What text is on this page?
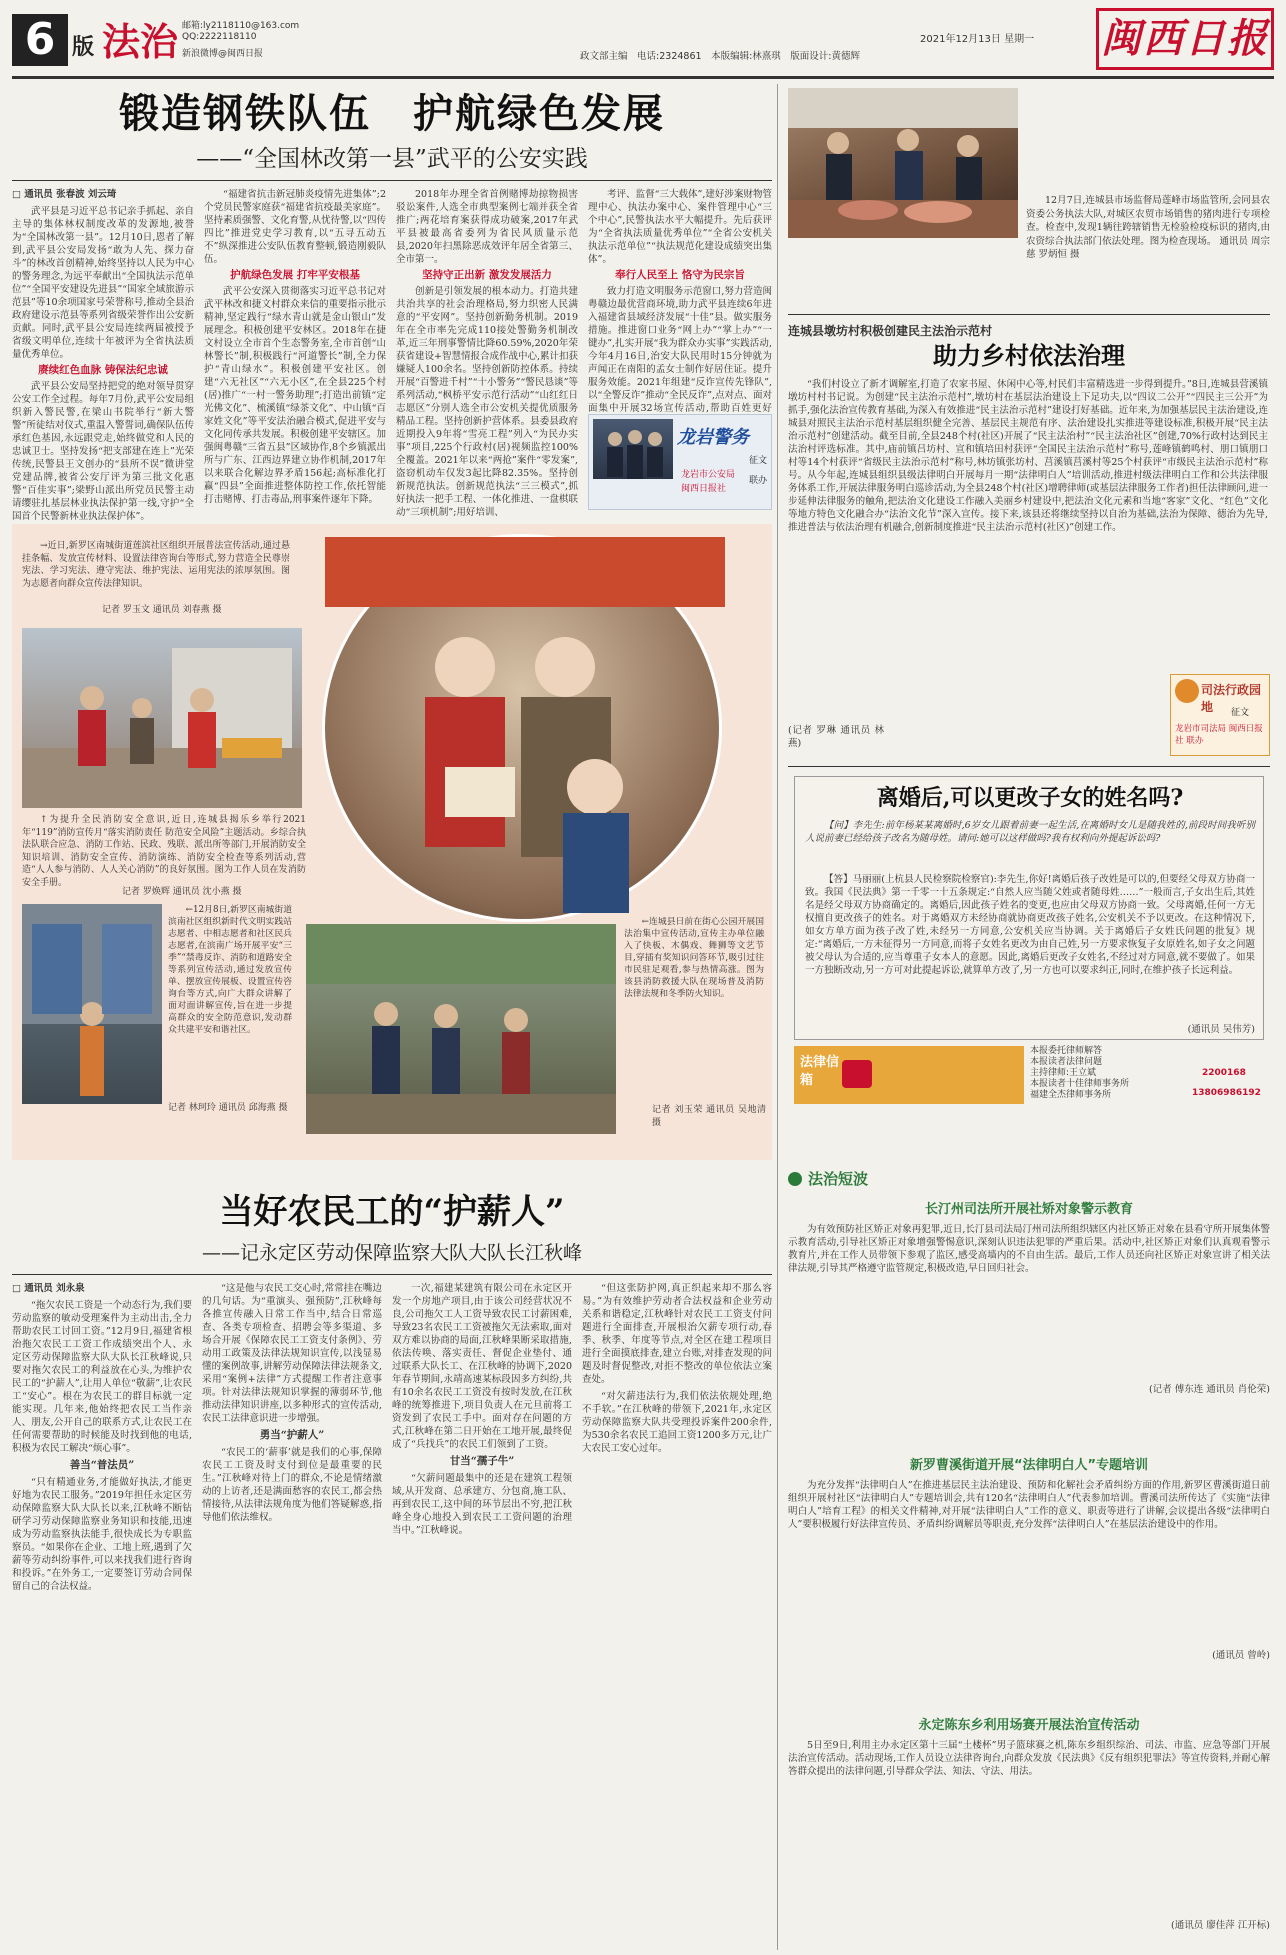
6 版 法治 邮箱:ly2118110@163.com
QQ:2222118110
新浪微博@闽西日报
2021年12月13日 星期一
政文部主编　 电话:2324861　 本版编辑:林熹琪　 版面设计:黄德辉	闽西日报
锻造钢铁队伍　护航绿色发展
——“全国林改第一县”武平的公安实践
□ 通讯员 张春波 刘云琦
武平县是习近平总书记亲手抓起、亲自主导的集体林权制度改革的发源地,被誉为“全国林改第一县”。12月10日,恩者了解到,武平县公安局发扬“敢为人先、探力奋斗”的林改首创精神,始终坚持以人民为中心的警务理念,为远平奉献出“全国执法示范单位”“全国平安建设先进县”“国家全域旅游示范县”等10余项国家号荣誉称号,推动全县治政府建设示范县等系列省级荣誉作出公安新贡献。同时,武平县公安局连续两届被授予省级文明单位,连续十年被评为全省执法质量优秀单位。
赓续红色血脉 铸保法纪忠诚
武平县公安局坚持把党的绝对领导贯穿公安工作全过程。每年7月份,武平公安局组织新入警民警,在梁山书院举行“新大警警”所徒结对仪式,重温入警誓词,确保队伍传承红色基因,永远跟党走,始终做党和人民的忠诚卫士。坚持发扬“把支部建在连上”光荣传统,民警县王文创办的“县所不误”微讲堂党建品牌,被省公安厅评为第三批文化惠警“百佳实事”;梁野山派出所党员民警主动请缨驻扎基层林业执法保护第一线,守护“全国首个民警新林业执法保护体”。
“福建省抗击新冠肺炎疫情先进集体”;2个党员民警家庭获“福建省抗疫最美家庭”。坚持素质强警、文化育警,从忧待警,以“四传四比”推进党史学习教育,以“五寻五动五不”纵深推进公安队伍教育整顿,锻造刚毅队伍。
护航绿色发展 打牢平安根基
武平公安深入贯彻落实习近平总书记对武平林改和捷文村群众来信的重要指示批示精神,坚定践行“绿水青山就是金山银山”发展理念。积极创建平安林区。2018年在捷文村设立全市首个生态警务室,全市首创“山林警长”制,积极践行“河道警长”制,全力保护“青山绿水”。积极创建平安社区。创建“六无社区”“六无小区”,在全县225个村(居)推广“一村一警务助理”;打造出前镇“定光佛文化”、梳溪镇“绿茶文化”、中山镇“百家姓文化”等平安法治融合模式,促进平安与文化同传承共发展。积极创建平安辖区。加强闽粤赣“三省五县”区域协作,8个乡镇派出所与广东、江西边界建立协作机制,2017年以来联合化解边界矛盾156起;高标准化打赢“四县”全面推进整体防控工作,依托智能打击赌博、打击毒品,刑事案件逐年下降。
2018年办理全省首例赌博劫掠物损害驳讼案件,人选全市典型案例七端并获全省推广;两花培育案获得成功破案,2017年武平县被最高省委列为省民风质量示范县,2020年扫黑除恶成效评年居全省第三、全市第一。
坚持守正出新 激发发展活力
创新是引领发展的根本动力。打造共建共治共享的社会治理格局,努力织密人民满意的“平安网”。坚持创新勤务机制。2019年在全市率先完成110接处警勤务机制改革,近三年刑事警情比降60.59%,2020年荣获省建设+智慧情报合成作战中心,累计扣获嫌疑人100余名。坚持创新防控体系。持续开展“百警进千村”“十小警务”“警民恳谈”等系列活动,“枫桥平安示范行活动”“山红红日志愿区”分别人选全市公安机关提优质服务精品工程。坚持创新护营体系。县委县政府近期投入9年将“雪亮工程”列入“为民办实事”项目,225个行政村(居)视频监控100%全覆盖。2021年以来“两抢”案件“零发案”,盗窃机动车仅发3起比降82.35%。坚持创新规范执法。创新规范执法“三三模式”,抓好执法一把手工程、一体化推进、一盘棋联动“三项机制”;用好培训、
考评、监督“三大载体”,建好涉案财物管理中心、执法办案中心、案件管理中心“三个中心”,民警执法水平大幅提升。先后获评为“全省执法质量优秀单位”“全省公安机关执法示范单位”“执法规范化建设成绩突出集体”。
奉行人民至上 恪守为民宗旨
致力打造文明服务示范窗口,努力营造闽粤赣边最优营商环境,助力武平县连续6年进入福建省县域经济发展“十佳”县。做实服务措施。推进窗口业务“网上办”“掌上办”“一键办”,扎实开展“我为群众办实事”实践活动,今年4月16日,治安大队民用时15分钟就为声闻正在南阳的孟女士制作好居住证。提升服务效能。2021年组建“反诈宣传先锋队”,以“全警反诈”推动“全民反诈”,点对点、面对面集中开展32场宣传活动,帮助百姓更好
龙岩警务
征文
龙岩市公安局
闽西日报社
联办
12月7日,连城县市场监督局莲峰市场监管所,会同县农资委公务执法大队,对城区农贸市场销售的猪肉进行专项检查。检查中,发现1辆往跨辖销售无检验检疫标识的猪肉,由农资综合执法部门依法处理。图为检查现场。 通讯员 周宗慈 罗炳恒 摄
连城县墩坊村积极创建民主法治示范村
助力乡村依法治理
“我们村设立了新才调解室,打造了农家书屋、休闲中心等,村民们丰富精选进一步得到提升。”8日,连城县营溪镇墩坊村村书记说。为创建“民主法治示范村”,墩坊村在基层法治建设上下足功夫,以“四议二公开”“四民主三公开”为抓手,强化法治宣传教育基础,为深入有效推进“民主法治示范村”建设打好基础。近年来,为加强基层民主法治建设,连城县对照民主法治示范村基层组织健全完善、基层民主规范有序、法治建设扎实推进等建设标准,积极开展“民主法治示范村”创建活动。截至目前,全县248个村(社区)开展了“民主法治村”“民主法治社区”创建,70%行政村达到民主法治村评选标准。其中,庙前镇吕坊村、宣和镇培田村获评“全国民主法治示范村”称号,莲峰镇鹤鸣村、朋口镇朋口村等14个村获评“省级民主法治示范村”称号,林坊镇张坊村、莒溪镇莒溪村等25个村获评“市级民主法治示范村”称号。从今年起,连城县组织县级法律明白开展每月一期“法律明白人”培训活动,推进村级法律明白工作和公共法律服务体系工作,开展法律服务明白巡诊活动,为全县248个村(社区)增聘律师(或基层法律服务工作者)担任法律顾问,进一步延伸法律服务的触角,把法治文化建设工作融入美丽乡村建设中,把法治文化元素和当地“客家”文化、“红色”文化等地方特色文化融合办“法治文化节”深入宣传。接下来,该县还将继续坚持以自治为基础,法治为保障、德治为先导,推进普法与依法治理有机融合,创新制度推进“民主法治示范村(社区)”创建工作。
(记者 罗琳 通讯员 林燕)
司法行政园地	征文
龙岩市司法局 闽西日报社 联办
离婚后,可以更改子女的姓名吗?
【问】李先生:前年杨某某离婚时,6岁女儿跟着前妻一起生活,在离婚时女儿是随我姓的,前段时间我听别人说前妻已经给孩子改名为随母姓。请问:她可以这样做吗?我有权利向外提起诉讼吗?
【答】马丽丽(上杭县人民检察院检察官):李先生,你好!离婚后孩子改姓是可以的,但要经父母双方协商一致。我国《民法典》第一千零一十五条规定:“自然人应当随父姓或者随母姓……”一般而言,子女出生后,其姓名是经父母双方协商确定的。离婚后,因此孩子姓名的变更,也应由父母双方协商一致。父母离婚,任何一方无权擅自更改孩子的姓名。对于离婚双方未经协商就协商更改孩子姓名,公安机关不予以更改。在这种情况下,如女方单方面为孩子改了姓,未经另一方同意,公安机关应当协调。关于离婚后子女姓氏问题的批复》规定:“离婚后,一方未征得另一方同意,而将子女姓名更改为由自己姓,另一方要求恢复子女原姓名,如子女之问题被父母认为合适的,应当尊重子女本人的意愿。因此,离婚后更改子女姓名,不经过对方同意,就不要做了。如果一方独断改动,另一方可对此提起诉讼,就算单方改了,另一方也可以要求纠正,同时,在维护孩子长远利益。
(通讯员 吴伟芳)
法律信箱
本报委托律师解答
本报读者法律问题
主持律师:王立斌
本报读者十佳律师事务所
福建全杰律师事务所
2200168
13806986192
→近日,新罗区南城街道莲滨社区组织开展普法宣传活动,通过悬挂条幅、发放宣传材料、设置法律咨询台等形式,努力营造全民尊崇宪法、学习宪法、遵守宪法、维护宪法、运用宪法的浓厚氛围。图为志愿者向群众宣传法律知识。
记者 罗玉文 通讯员 刘春燕 摄
↑为提升全民消防安全意识,近日,连城县揭乐乡举行2021年“119”消防宣传月“落实消防责任 防范安全风险”主题活动。乡综合执法队联合应急、消防工作站、民政、残联、派出所等部门,开展消防安全知识培训、消防安全宣传、消防演练、消防安全检查等系列活动,营造“人人参与消防、人人关心消防”的良好氛围。图为工作人员在发消防安全手册。
记者 罗焕辉 通讯员 沈小燕 摄
←12月8日,新罗区南城街道滨南社区组织新时代文明实践站志愿者、中相志愿者和社区民兵志愿者,在滨南广场开展平安“三季”“禁毒反诈、消防和道路安全等系列宣传活动,通过发放宣传单、摆放宣传展板、设置宣传咨询台等方式,向广大群众讲解了面对面讲解宣传,旨在进一步提高群众的安全防范意识,发动群众共建平安和谐社区。
记者 林珂玲 通讯员 邱海燕 摄
←连城县日前在街心公园开展国法治集中宣传活动,宣传主办单位融入了快板、木偶戏、舞狮等文艺节目,穿插有奖知识问答环节,吸引过往市民驻足观看,参与热情高涨。图为该县消防救援大队在现场普及消防法律法规和冬季防火知识。
记者 刘玉荣 通讯员 吴地清 摄
法治短波
长汀州司法所开展社矫对象警示教育
为有效预防社区矫正对象再犯罪,近日,长汀县司法局汀州司法所组织辖区内社区矫正对象在县看守所开展集体警示教育活动,引导社区矫正对象增强警惕意识,深刻认识违法犯罪的严重后果。活动中,社区矫正对象们认真观看警示教育片,并在工作人员带领下参观了监区,感受高墙内的不自由生活。最后,工作人员还向社区矫正对象宣讲了相关法律法规,引导其严格遵守监管规定,积极改造,早日回归社会。
(记者 傅东连 通讯员 肖伦荣)
新罗曹溪街道开展“法律明白人”专题培训
为充分发挥“法律明白人”在推进基层民主法治建设、预防和化解社会矛盾纠纷方面的作用,新罗区曹溪街道日前组织开展村社区“法律明白人”专题培训会,共有120名“法律明白人”代表参加培训。曹溪司法所传达了《实施“法律明白人”培育工程》的相关文件精神,对开展“法律明白人”工作的意义、职责等进行了讲解,会议提出各级“法律明白人”要积极履行好法律宣传员、矛盾纠纷调解员等职责,充分发挥“法律明白人”在基层法治建设中的作用。
(通讯员 曾岭)
永定陈东乡利用场赛开展法治宣传活动
5日至9日,利用主办永定区第十三届“土楼杯”男子篮球赛之机,陈东乡组织综治、司法、市监、应急等部门开展法治宣传活动。活动现场,工作人员设立法律咨询台,向群众发放《民法典》《反有组织犯罪法》等宣传资料,并耐心解答群众提出的法律问题,引导群众学法、知法、守法、用法。
(通讯员 廖佳萍 江开标)
当好农民工的“护薪人”
——记永定区劳动保障监察大队大队长江秋峰
□ 通讯员 刘永泉
“拖欠农民工资是一个动态行为,我们要劳动监察的敏动受理案件为主动出击,全力帮助农民工讨回工资。”12月9日,福建省根治拖欠农民工工资工作成绩突出个人、永定区劳动保障监察大队大队长江秋峰说,只要对拖欠农民工的利益放在心头,为维护农民工的“护薪人”,让用人单位“敬薪”,让农民工“安心”。根在为农民工的群目标就一定能实现。几年来,他始终把农民工当作亲人、朋友,公开自己的联系方式,让农民工在任何需要帮助的时候能及时找到他的电话,积极为农民工解决“烦心事”。
善当“普法员”
“只有精通业务,才能做好执法,才能更好地为农民工服务。”2019年担任永定区劳动保障监察大队大队长以来,江秋峰不断钻研学习劳动保障监察业务知识和技能,迅速成为劳动监察执法能手,很快成长为专职监察员。“如果你在企业、工地上班,遇到了欠薪等劳动纠纷事件,可以来找我们进行咨询和投诉。”在外务工,一定要签订劳动合同保留自己的合法权益。
“这是他与农民工交心时,常常挂在嘴边的几句话。为“重演头、强预防”,江秋峰每各推宣传融入日常工作当中,结合日常巡查、各类专项检查、招聘会等多渠道、多场合开展《保障农民工工资支付条例》、劳动用工政策及法律法规知识宣传,以浅显易懂的案例故事,讲解劳动保障法律法规条文,采用“案例+法律”方式提醒工作者注意事项。针对法律法规知识掌握的薄弱环节,他推动法律知识讲座,以多种形式的宣传活动,农民工法律意识进一步增强。
勇当“护薪人”
“农民工的‘薪事’就是我们的心事,保障农民工工资及时支付到位是最重要的民生。”江秋峰对待上门的群众,不论是情绪激动的上访者,还是满面愁容的农民工,都会热情接待,从法律法规角度为他们答疑解惑,指导他们依法维权。
一次,福建某建筑有限公司在永定区开发一个房地产项目,由于该公司经营状况不良,公司拖欠工人工资导致农民工讨薪困难,导致23名农民工工资被拖欠无法索取,面对双方难以协商的局面,江秋峰果断采取措施,依法传唤、落实责任、督促企业垫付、通过联系大队长工、在江秋峰的协调下,2020年春节期间,永靖高速某标段因多方纠纷,共有10余名农民工工资没有按时发放,在江秋峰的统筹推进下,项目负责人在元旦前将工资发到了农民工手中。面对存在问题的方式,江秋峰在第二日开始在工地开展,最终促成了“兵找兵”的农民工们领到了工资。
甘当“孺子牛”
“欠薪问题最集中的还是在建筑工程领域,从开发商、总承建方、分包商,施工队、再到农民工,这中间的环节层出不穷,把江秋峰全身心地投入到农民工工资问题的治理当中。”江秋峰说。
“但这张防护网,真正织起来却不那么容易。”为有效维护劳动者合法权益和企业劳动关系和谐稳定,江秋峰针对农民工工资支付问题进行全面排查,开展根治欠薪专项行动,春季、秋季、年度等节点,对全区在建工程项目进行全面摸底排查,建立台账,对排查发现的问题及时督促整改,对拒不整改的单位依法立案查处。
“对欠薪违法行为,我们依法依规处理,绝不手软。”在江秋峰的带领下,2021年,永定区劳动保障监察大队共受理投诉案件200余件,为530余名农民工追回工资1200多万元,让广大农民工安心过年。
